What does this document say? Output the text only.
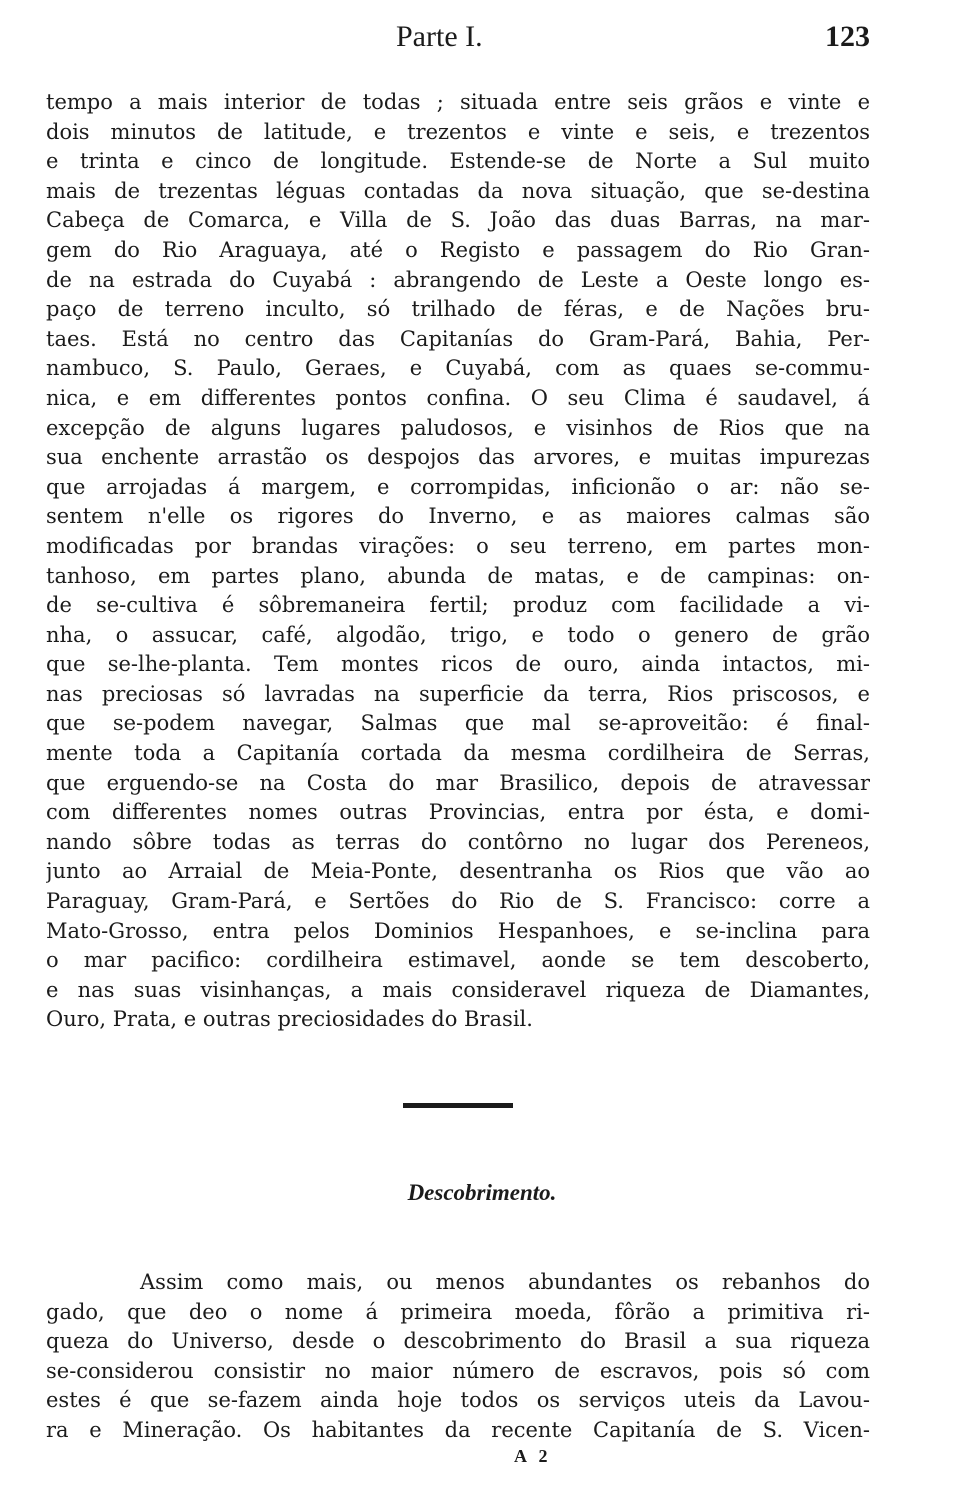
Parte I.	123
tempo a mais interior de todas ; situada entre seis grãos e vinte e
dois minutos de latitude, e trezentos e vinte e seis, e trezentos
e trinta e cinco de longitude. Estende-se de Norte a Sul muito
mais de trezentas léguas contadas da nova situação, que se-destina
Cabeça de Comarca, e Villa de S. João das duas Barras, na mar-
gem do Rio Araguaya, até o Registo e passagem do Rio Gran-
de na estrada do Cuyabá : abrangendo de Leste a Oeste longo es-
paço de terreno inculto, só trilhado de féras, e de Nações bru-
taes. Está no centro das Capitanías do Gram-Pará, Bahia, Per-
nambuco, S. Paulo, Geraes, e Cuyabá, com as quaes se-commu-
nica, e em differentes pontos confina. O seu Clima é saudavel, á
excepção de alguns lugares paludosos, e visinhos de Rios que na
sua enchente arrastão os despojos das arvores, e muitas impurezas
que arrojadas á margem, e corrompidas, inficionão o ar: não se-
sentem n'elle os rigores do Inverno, e as maiores calmas são
modificadas por brandas virações: o seu terreno, em partes mon-
tanhoso, em partes plano, abunda de matas, e de campinas: on-
de se-cultiva é sôbremaneira fertil; produz com facilidade a vi-
nha, o assucar, café, algodão, trigo, e todo o genero de grão
que se-lhe-planta. Tem montes ricos de ouro, ainda intactos, mi-
nas preciosas só lavradas na superficie da terra, Rios priscosos, e
que se-podem navegar, Salmas que mal se-aproveitão: é final-
mente toda a Capitanía cortada da mesma cordilheira de Serras,
que erguendo-se na Costa do mar Brasilico, depois de atravessar
com differentes nomes outras Provincias, entra por ésta, e domi-
nando sôbre todas as terras do contôrno no lugar dos Pereneos,
junto ao Arraial de Meia-Ponte, desentranha os Rios que vão ao
Paraguay, Gram-Pará, e Sertões do Rio de S. Francisco: corre a
Mato-Grosso, entra pelos Dominios Hespanhoes, e se-inclina para
o mar pacifico: cordilheira estimavel, aonde se tem descoberto,
e nas suas visinhanças, a mais consideravel riqueza de Diamantes,
Ouro, Prata, e outras preciosidades do Brasil.
Descobrimento.
Assim como mais, ou menos abundantes os rebanhos do
gado, que deo o nome á primeira moeda, fôrão a primitiva ri-
queza do Universo, desde o descobrimento do Brasil a sua riqueza
se-considerou consistir no maior número de escravos, pois só com
estes é que se-fazem ainda hoje todos os serviços uteis da Lavou-
ra e Mineração. Os habitantes da recente Capitanía de S. Vicen-
A 2
